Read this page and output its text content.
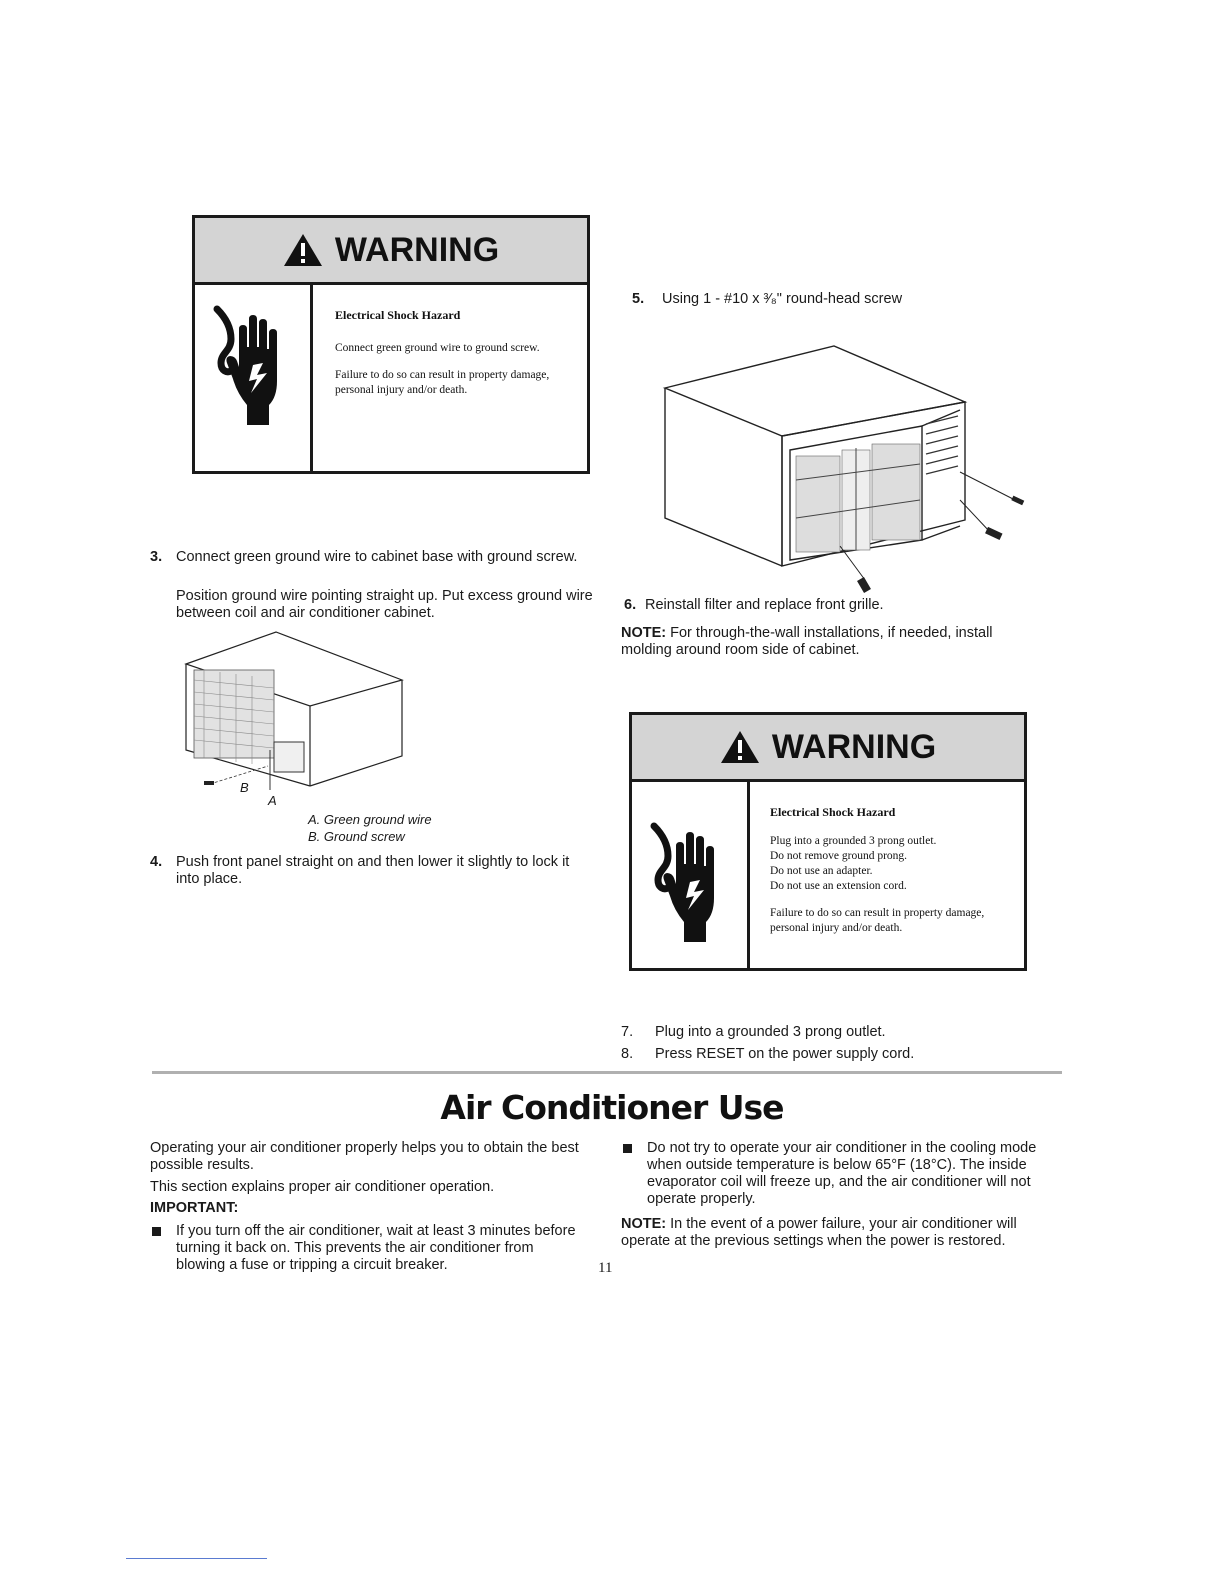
WARNING
Electrical Shock Hazard

Connect green ground wire to ground screw.

Failure to do so can result in property damage, personal injury and/or death.

5. Using 1 - #10 x ³⁄₈" round-head screw
6. Reinstall filter and replace front grille.
NOTE: For through-the-wall installations, if needed, install molding around room side of cabinet.
3. Connect green ground wire to cabinet base with ground screw.
Position ground wire pointing straight up. Put excess ground wire between coil and air conditioner cabinet.
B
A
A. Green ground wire
B. Ground screw
4. Push front panel straight on and then lower it slightly to lock it into place.
WARNING
Electrical Shock Hazard
Plug into a grounded 3 prong outlet.
Do not remove ground prong.
Do not use an adapter.
Do not use an extension cord.
Failure to do so can result in property damage, personal injury and/or death.
7. Plug into a grounded 3 prong outlet.
8. Press RESET on the power supply cord.
Air Conditioner Use
Operating your air conditioner properly helps you to obtain the best possible results.
This section explains proper air conditioner operation.
IMPORTANT:
If you turn off the air conditioner, wait at least 3 minutes before turning it back on. This prevents the air conditioner from blowing a fuse or tripping a circuit breaker.
Do not try to operate your air conditioner in the cooling mode when outside temperature is below 65°F (18°C). The inside evaporator coil will freeze up, and the air conditioner will not operate properly.
NOTE: In the event of a power failure, your air conditioner will operate at the previous settings when the power is restored.
11
